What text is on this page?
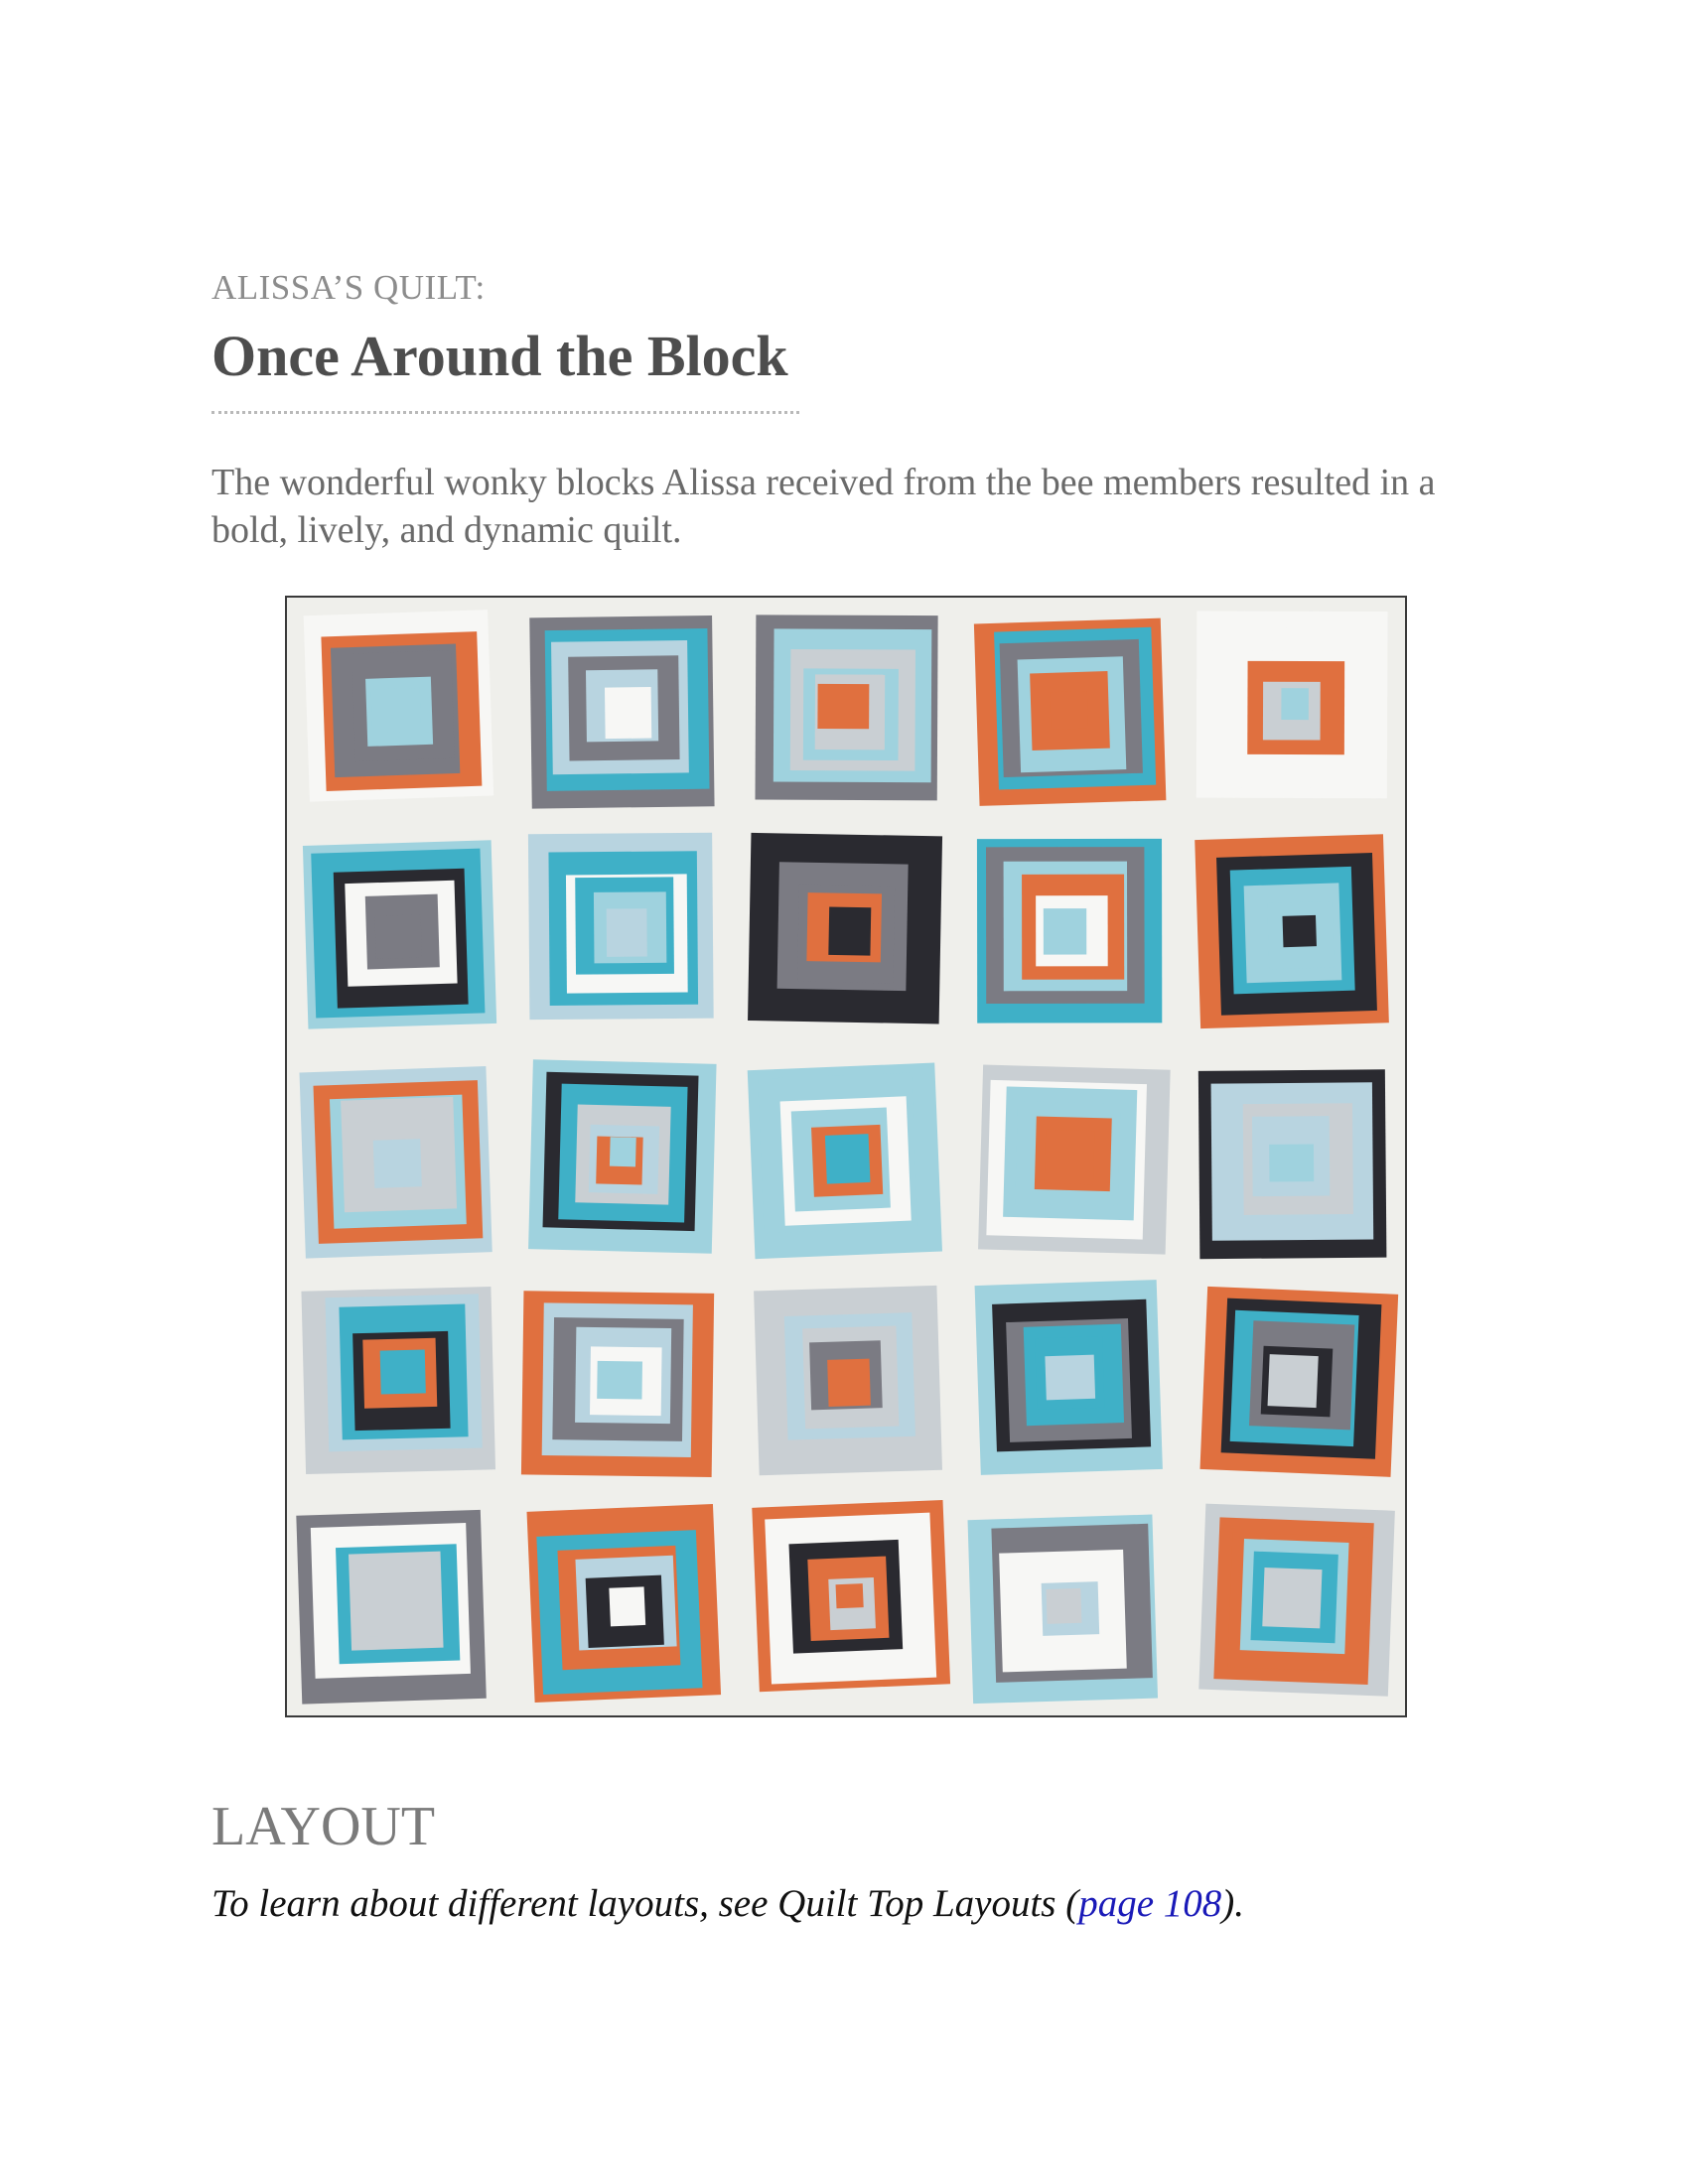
ALISSA’S QUILT:
Once Around the Block

The wonderful wonky blocks Alissa received from the bee members resulted in a bold, lively, and dynamic quilt.

LAYOUT
To learn about different layouts, see Quilt Top Layouts (page 108).
